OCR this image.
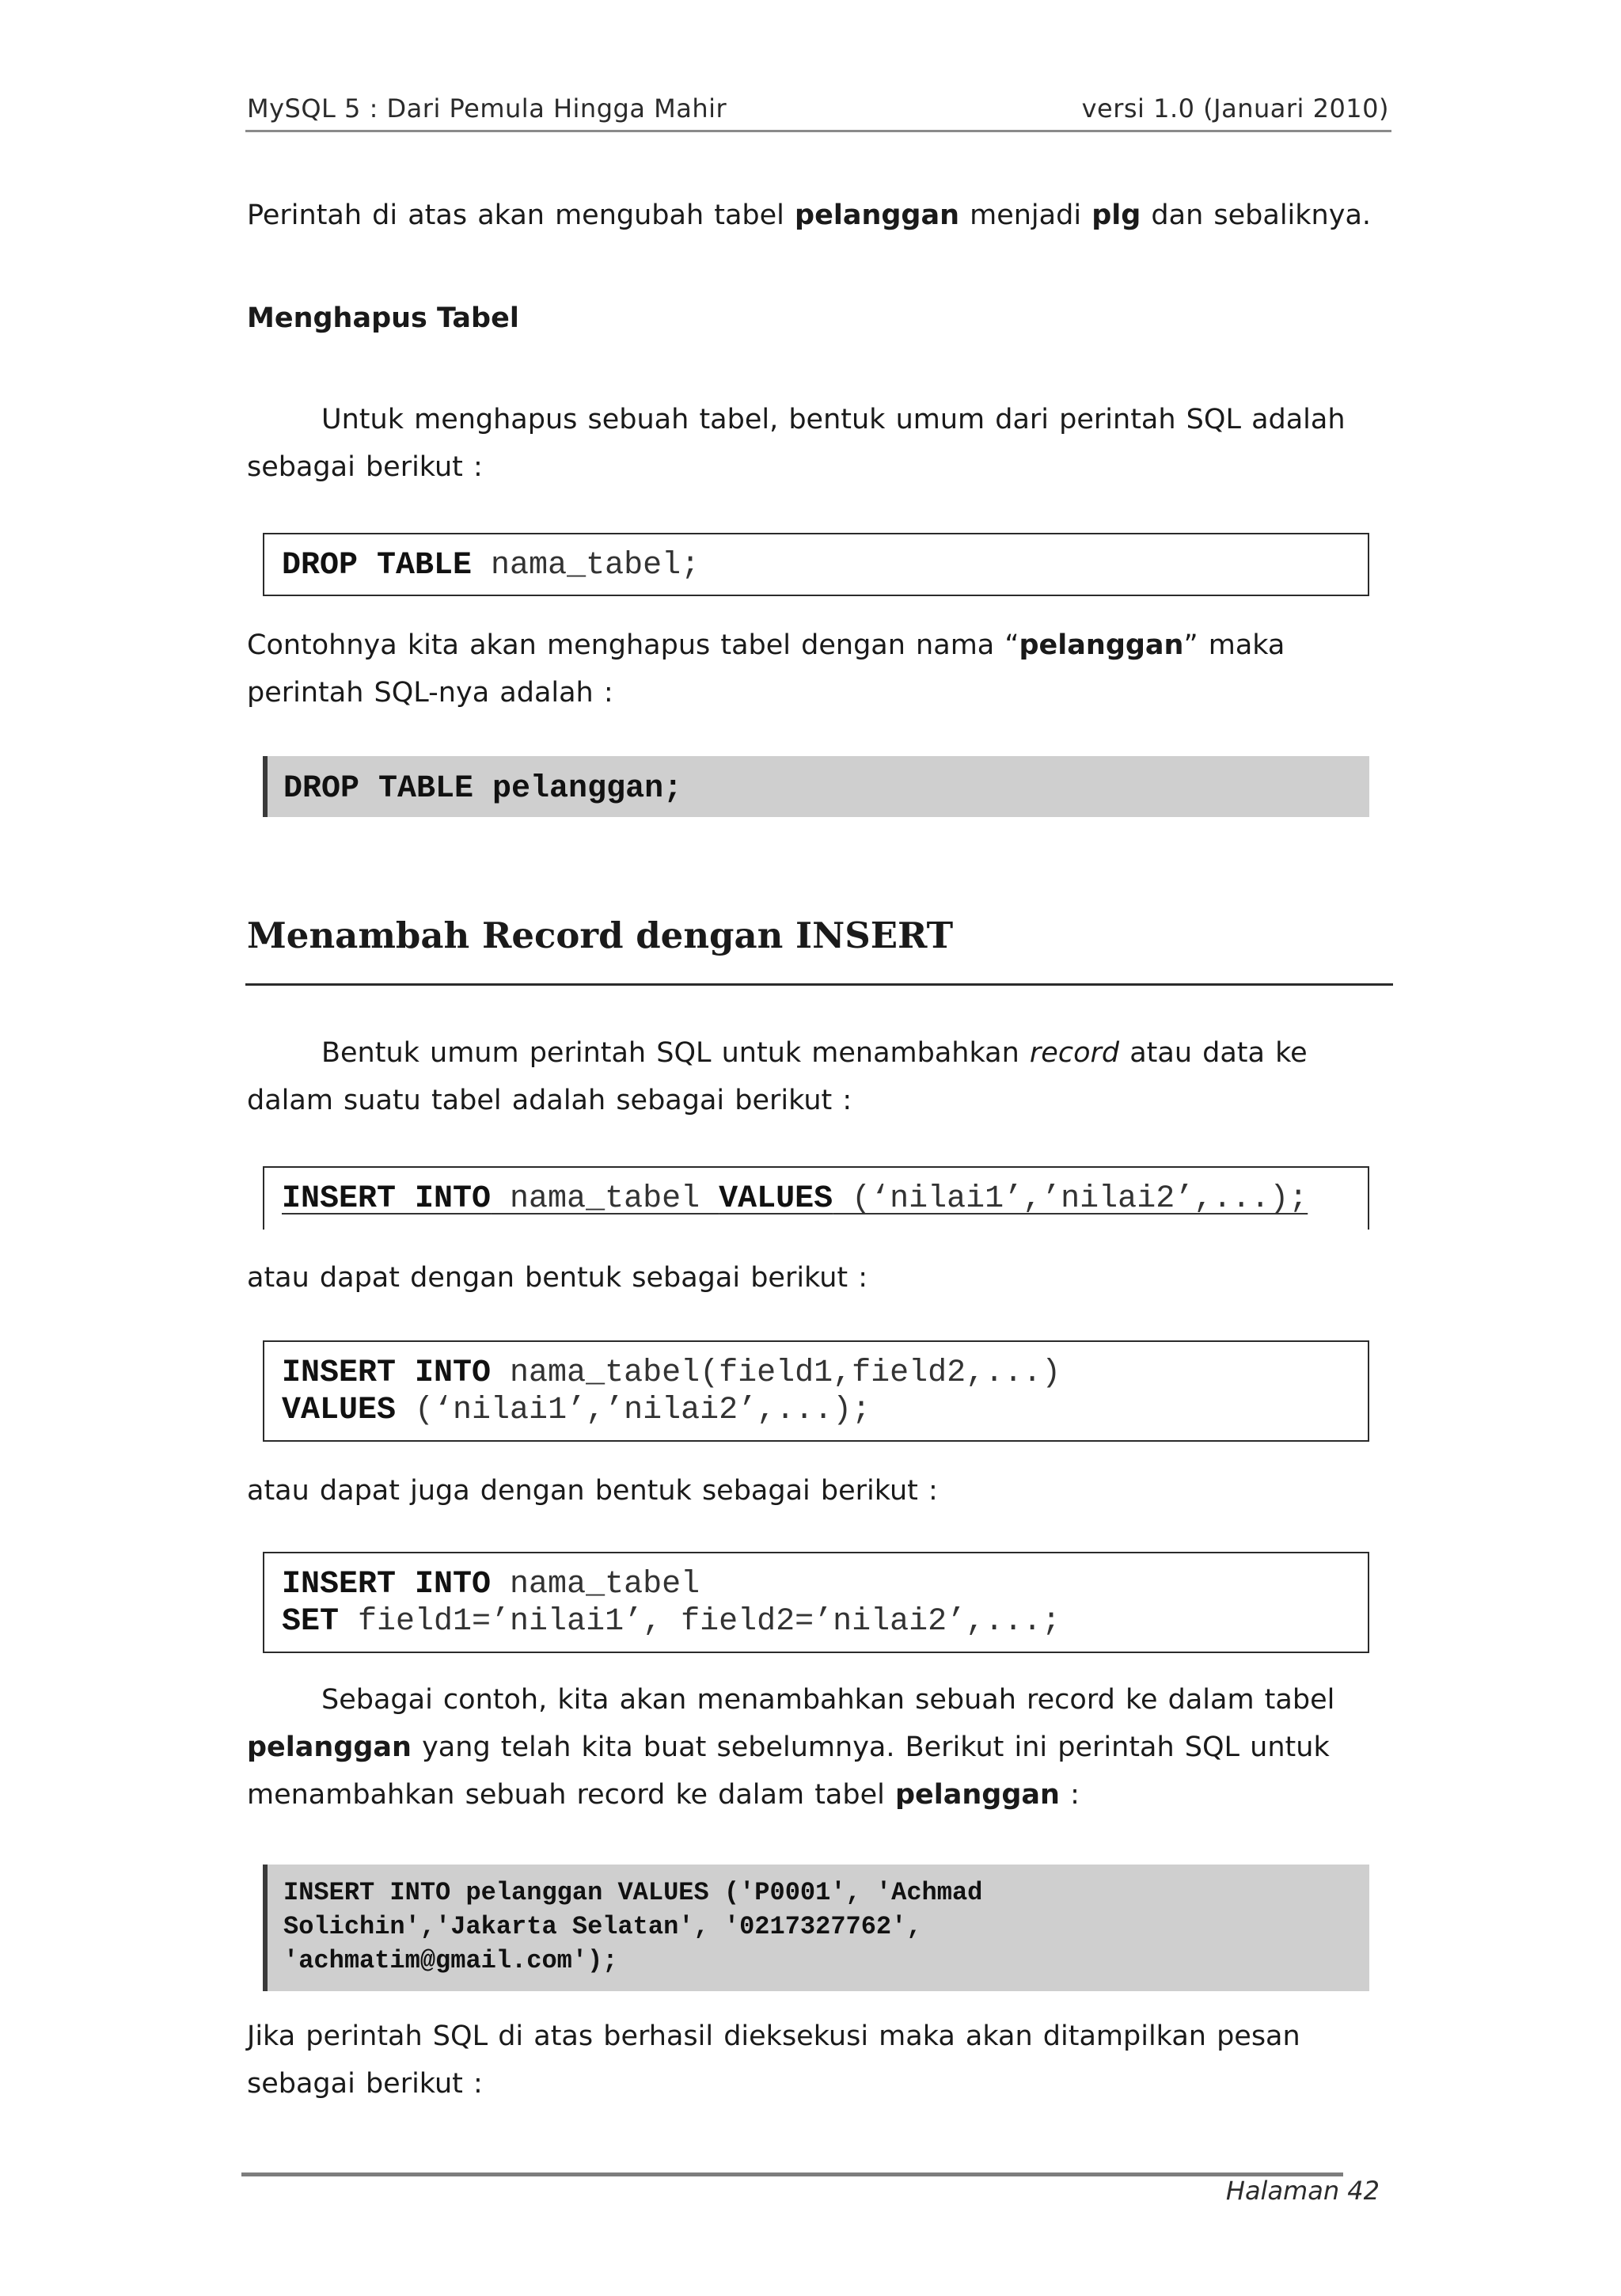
MySQL 5 : Dari Pemula Hingga Mahir	versi 1.0 (Januari 2010)
Perintah di atas akan mengubah tabel pelanggan menjadi plg dan sebaliknya.
Menghapus Tabel
Untuk menghapus sebuah tabel, bentuk umum dari perintah SQL adalah sebagai berikut :
DROP TABLE nama_tabel;
Contohnya kita akan menghapus tabel dengan nama “pelanggan” maka perintah SQL-nya adalah :
DROP TABLE pelanggan;
Menambah Record dengan INSERT
Bentuk umum perintah SQL untuk menambahkan record atau data ke dalam suatu tabel adalah sebagai berikut :
INSERT INTO nama_tabel VALUES (‘nilai1’,’nilai2’,...);
atau dapat dengan bentuk sebagai berikut :
INSERT INTO nama_tabel(field1,field2,...)
VALUES (‘nilai1’,’nilai2’,...);
atau dapat juga dengan bentuk sebagai berikut :
INSERT INTO nama_tabel
SET field1=’nilai1’, field2=’nilai2’,...;
Sebagai contoh, kita akan menambahkan sebuah record ke dalam tabel pelanggan yang telah kita buat sebelumnya. Berikut ini perintah SQL untuk menambahkan sebuah record ke dalam tabel pelanggan :
INSERT INTO pelanggan VALUES ('P0001', 'Achmad
Solichin','Jakarta Selatan', '0217327762',
'achmatim@gmail.com');
Jika perintah SQL di atas berhasil dieksekusi maka akan ditampilkan pesan sebagai berikut :
Halaman 42
